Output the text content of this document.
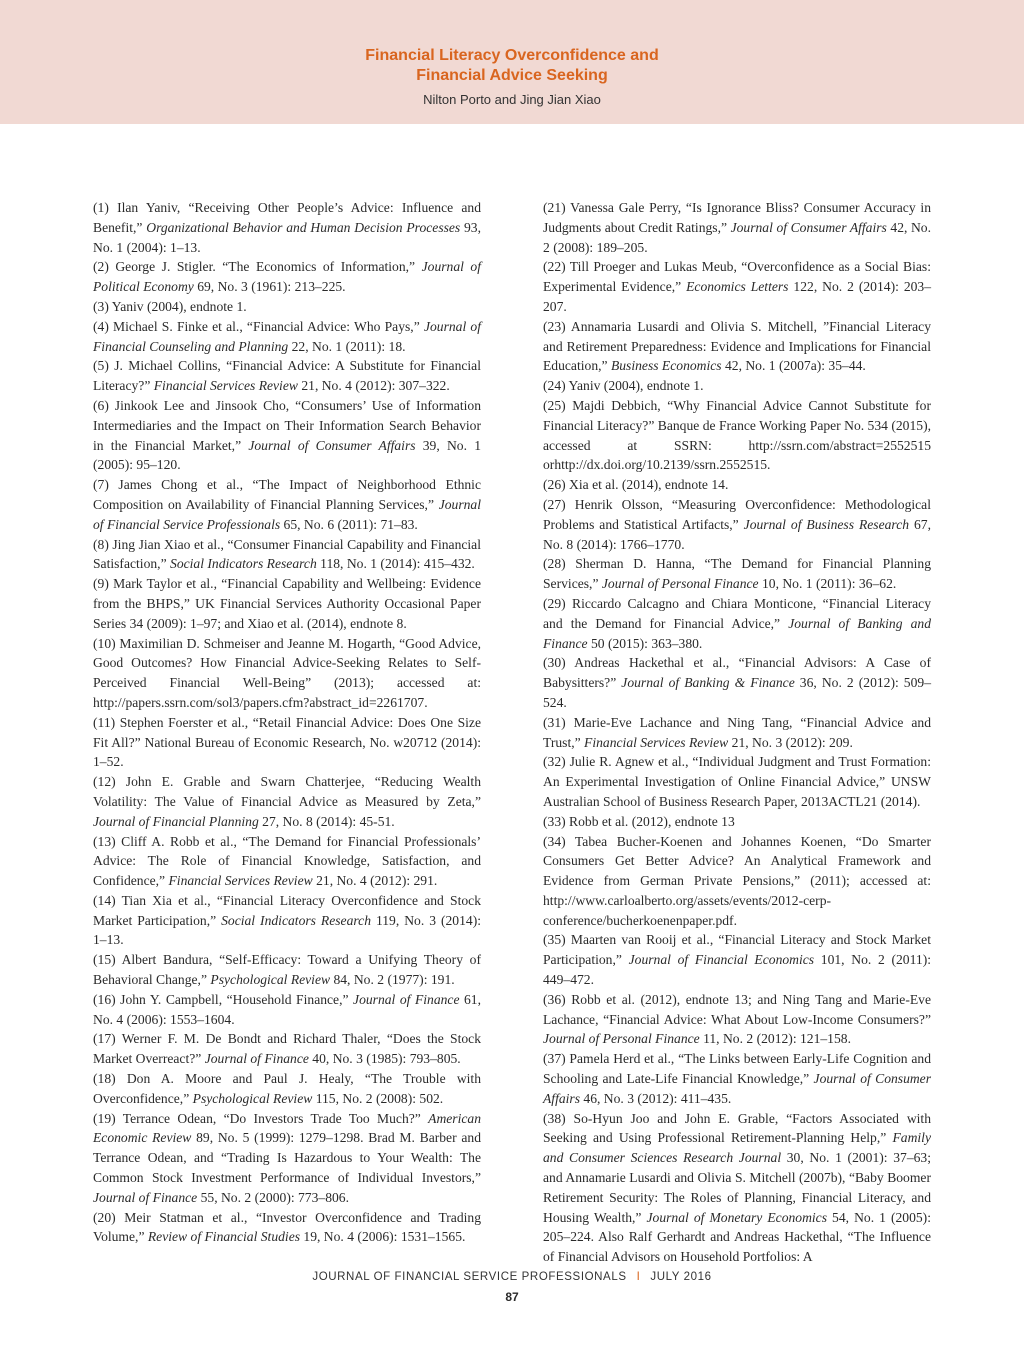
Financial Literacy Overconfidence and
Financial Advice Seeking
Nilton Porto and Jing Jian Xiao

(1) Ilan Yaniv, “Receiving Other People’s Advice: Influence and Benefit,” Organizational Behavior and Human Decision Processes 93, No. 1 (2004): 1–13.

(2) George J. Stigler. “The Economics of Information,” Journal of Political Economy 69, No. 3 (1961): 213–225.

(3) Yaniv (2004), endnote 1.

(4) Michael S. Finke et al., “Financial Advice: Who Pays,” Journal of Financial Counseling and Planning 22, No. 1 (2011): 18.

(5) J. Michael Collins, “Financial Advice: A Substitute for Financial Literacy?” Financial Services Review 21, No. 4 (2012): 307–322.

(6) Jinkook Lee and Jinsook Cho, “Consumers’ Use of Information Intermediaries and the Impact on Their Information Search Behavior in the Financial Market,” Journal of Consumer Affairs 39, No. 1 (2005): 95–120.

(7) James Chong et al., “The Impact of Neighborhood Ethnic Composition on Availability of Financial Planning Services,” Journal of Financial Service Professionals 65, No. 6 (2011): 71–83.

(8) Jing Jian Xiao et al., “Consumer Financial Capability and Financial Satisfaction,” Social Indicators Research 118, No. 1 (2014): 415–432.

(9) Mark Taylor et al., “Financial Capability and Wellbeing: Evidence from the BHPS,” UK Financial Services Authority Occasional Paper Series 34 (2009): 1–97; and Xiao et al. (2014), endnote 8.

(10) Maximilian D. Schmeiser and Jeanne M. Hogarth, “Good Advice, Good Outcomes? How Financial Advice-Seeking Relates to Self-Perceived Financial Well-Being” (2013); accessed at: http://papers.ssrn.com/sol3/papers.cfm?abstract_id=2261707.

(11) Stephen Foerster et al., “Retail Financial Advice: Does One Size Fit All?” National Bureau of Economic Research, No. w20712 (2014): 1–52.

(12) John E. Grable and Swarn Chatterjee, “Reducing Wealth Volatility: The Value of Financial Advice as Measured by Zeta,” Journal of Financial Planning 27, No. 8 (2014): 45-51.

(13) Cliff A. Robb et al., “The Demand for Financial Professionals’ Advice: The Role of Financial Knowledge, Satisfaction, and Confidence,” Financial Services Review 21, No. 4 (2012): 291.

(14) Tian Xia et al., “Financial Literacy Overconfidence and Stock Market Participation,” Social Indicators Research 119, No. 3 (2014): 1–13.

(15) Albert Bandura, “Self-Efficacy: Toward a Unifying Theory of Behavioral Change,” Psychological Review 84, No. 2 (1977): 191.

(16) John Y. Campbell, “Household Finance,” Journal of Finance 61, No. 4 (2006): 1553–1604.

(17) Werner F. M. De Bondt and Richard Thaler, “Does the Stock Market Overreact?” Journal of Finance 40, No. 3 (1985): 793–805.

(18) Don A. Moore and Paul J. Healy, “The Trouble with Overconfidence,” Psychological Review 115, No. 2 (2008): 502.

(19) Terrance Odean, “Do Investors Trade Too Much?” American Economic Review 89, No. 5 (1999): 1279–1298. Brad M. Barber and Terrance Odean, and “Trading Is Hazardous to Your Wealth: The Common Stock Investment Performance of Individual Investors,” Journal of Finance 55, No. 2 (2000): 773–806.

(20) Meir Statman et al., “Investor Overconfidence and Trading Volume,” Review of Financial Studies 19, No. 4 (2006): 1531–1565.

(21) Vanessa Gale Perry, “Is Ignorance Bliss? Consumer Accuracy in Judgments about Credit Ratings,” Journal of Consumer Affairs 42, No. 2 (2008): 189–205.

(22) Till Proeger and Lukas Meub, “Overconfidence as a Social Bias: Experimental Evidence,” Economics Letters 122, No. 2 (2014): 203–207.

(23) Annamaria Lusardi and Olivia S. Mitchell, ”Financial Literacy and Retirement Preparedness: Evidence and Implications for Financial Education,” Business Economics 42, No. 1 (2007a): 35–44.

(24) Yaniv (2004), endnote 1.

(25) Majdi Debbich, “Why Financial Advice Cannot Substitute for Financial Literacy?” Banque de France Working Paper No. 534 (2015), accessed at SSRN: http://ssrn.com/abstract=2552515 orhttp://dx.doi.org/10.2139/ssrn.2552515.

(26) Xia et al. (2014), endnote 14.

(27) Henrik Olsson, “Measuring Overconfidence: Methodological Problems and Statistical Artifacts,” Journal of Business Research 67, No. 8 (2014): 1766–1770.

(28) Sherman D. Hanna, “The Demand for Financial Planning Services,” Journal of Personal Finance 10, No. 1 (2011): 36–62.

(29) Riccardo Calcagno and Chiara Monticone, “Financial Literacy and the Demand for Financial Advice,” Journal of Banking and Finance 50 (2015): 363–380.

(30) Andreas Hackethal et al., “Financial Advisors: A Case of Babysitters?” Journal of Banking & Finance 36, No. 2 (2012): 509–524.

(31) Marie-Eve Lachance and Ning Tang, “Financial Advice and Trust,” Financial Services Review 21, No. 3 (2012): 209.

(32) Julie R. Agnew et al., “Individual Judgment and Trust Formation: An Experimental Investigation of Online Financial Advice,” UNSW Australian School of Business Research Paper, 2013ACTL21 (2014).

(33) Robb et al. (2012), endnote 13

(34) Tabea Bucher-Koenen and Johannes Koenen, “Do Smarter Consumers Get Better Advice? An Analytical Framework and Evidence from German Private Pensions,” (2011); accessed at: http://www.carloalberto.org/assets/events/2012-cerp-conference/bucherkoenenpaper.pdf.

(35) Maarten van Rooij et al., “Financial Literacy and Stock Market Participation,” Journal of Financial Economics 101, No. 2 (2011): 449–472.

(36) Robb et al. (2012), endnote 13; and Ning Tang and Marie-Eve Lachance, “Financial Advice: What About Low-Income Consumers?” Journal of Personal Finance 11, No. 2 (2012): 121–158.

(37) Pamela Herd et al., “The Links between Early-Life Cognition and Schooling and Late-Life Financial Knowledge,” Journal of Consumer Affairs 46, No. 3 (2012): 411–435.

(38) So-Hyun Joo and John E. Grable, “Factors Associated with Seeking and Using Professional Retirement-Planning Help,” Family and Consumer Sciences Research Journal 30, No. 1 (2001): 37–63; and Annamarie Lusardi and Olivia S. Mitchell (2007b), “Baby Boomer Retirement Security: The Roles of Planning, Financial Literacy, and Housing Wealth,” Journal of Monetary Economics 54, No. 1 (2005): 205–224. Also Ralf Gerhardt and Andreas Hackethal, “The Influence of Financial Advisors on Household Portfolios: A

JOURNAL OF FINANCIAL SERVICE PROFESSIONALS I JULY 2016
87
